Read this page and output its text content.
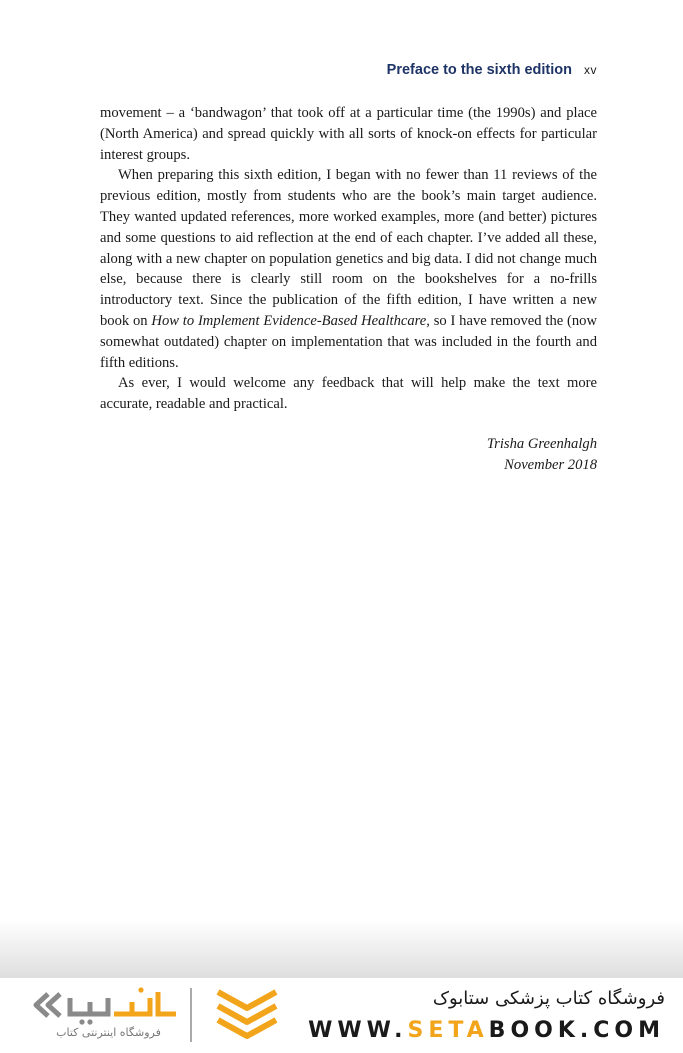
Preface to the sixth edition xv

movement – a ‘bandwagon’ that took off at a particular time (the 1990s) and place (North America) and spread quickly with all sorts of knock-on effects for particular interest groups.

When preparing this sixth edition, I began with no fewer than 11 reviews of the previous edition, mostly from students who are the book’s main target audience. They wanted updated references, more worked examples, more (and better) pictures and some questions to aid reflection at the end of each chapter. I’ve added all these, along with a new chapter on population genetics and big data. I did not change much else, because there is clearly still room on the bookshelves for a no-frills introductory text. Since the publication of the fifth edition, I have written a new book on How to Implement Evidence-Based Healthcare, so I have removed the (now somewhat outdated) chapter on implementation that was included in the fourth and fifth editions.

As ever, I would welcome any feedback that will help make the text more accurate, readable and practical.

Trisha Greenhalgh
November 2018
فروشگاه اینترنتی کتاب
فروشگاه کتاب پزشکی ستابوک
WWW.SETABOOK.COM
